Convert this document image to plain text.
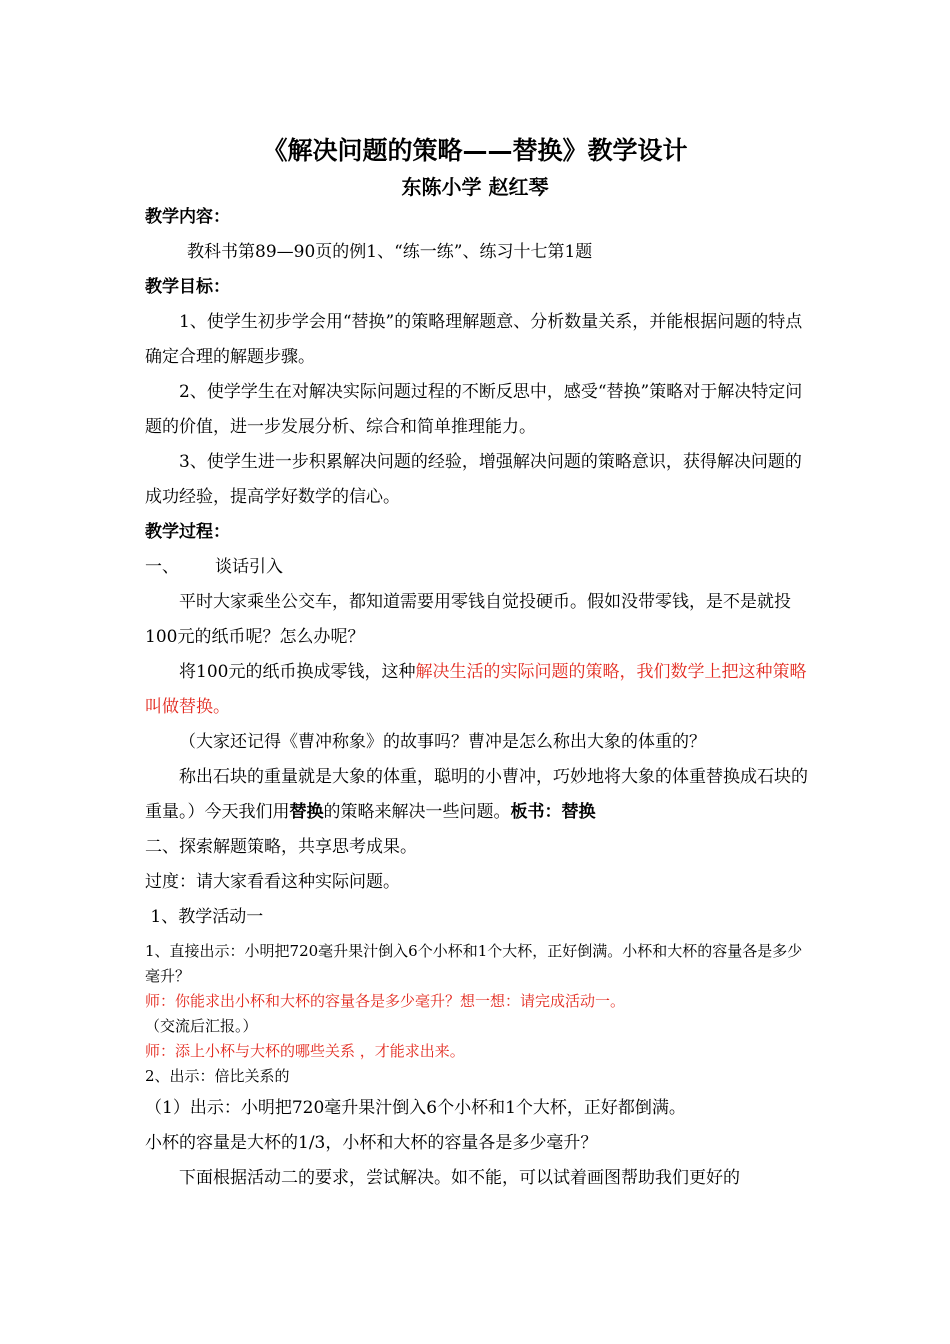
《解决问题的策略——替换》教学设计
东陈小学 赵红琴

教学内容：

教科书第89—90页的例1、“练一练”、练习十七第1题

教学目标：

1、使学生初步学会用“替换”的策略理解题意、分析数量关系，并能根据问题的特点确定合理的解题步骤。

2、使学学生在对解决实际问题过程的不断反思中，感受“替换”策略对于解决特定问题的价值，进一步发展分析、综合和简单推理能力。

3、使学生进一步积累解决问题的经验，增强解决问题的策略意识，获得解决问题的成功经验，提高学好数学的信心。

教学过程：

一、 谈话引入

平时大家乘坐公交车，都知道需要用零钱自觉投硬币。假如没带零钱，是不是就投100元的纸币呢？怎么办呢？

将100元的纸币换成零钱，这种解决生活的实际问题的策略，我们数学上把这种策略叫做替换。

（大家还记得《曹冲称象》的故事吗？曹冲是怎么称出大象的体重的？

称出石块的重量就是大象的体重，聪明的小曹冲，巧妙地将大象的体重替换成石块的重量。）今天我们用替换的策略来解决一些问题。板书：替换

二、探索解题策略，共享思考成果。

过度：请大家看看这种实际问题。

1、教学活动一

1、直接出示：小明把720毫升果汁倒入6个小杯和1个大杯，正好倒满。小杯和大杯的容量各是多少毫升？

师：你能求出小杯和大杯的容量各是多少毫升？想一想：请完成活动一。

（交流后汇报。）

师：添上小杯与大杯的哪些关系 ，才能求出来。

2、出示：倍比关系的

（1）出示：小明把720毫升果汁倒入6个小杯和1个大杯，正好都倒满。

小杯的容量是大杯的1/3，小杯和大杯的容量各是多少毫升？

下面根据活动二的要求，尝试解决。如不能，可以试着画图帮助我们更好的
